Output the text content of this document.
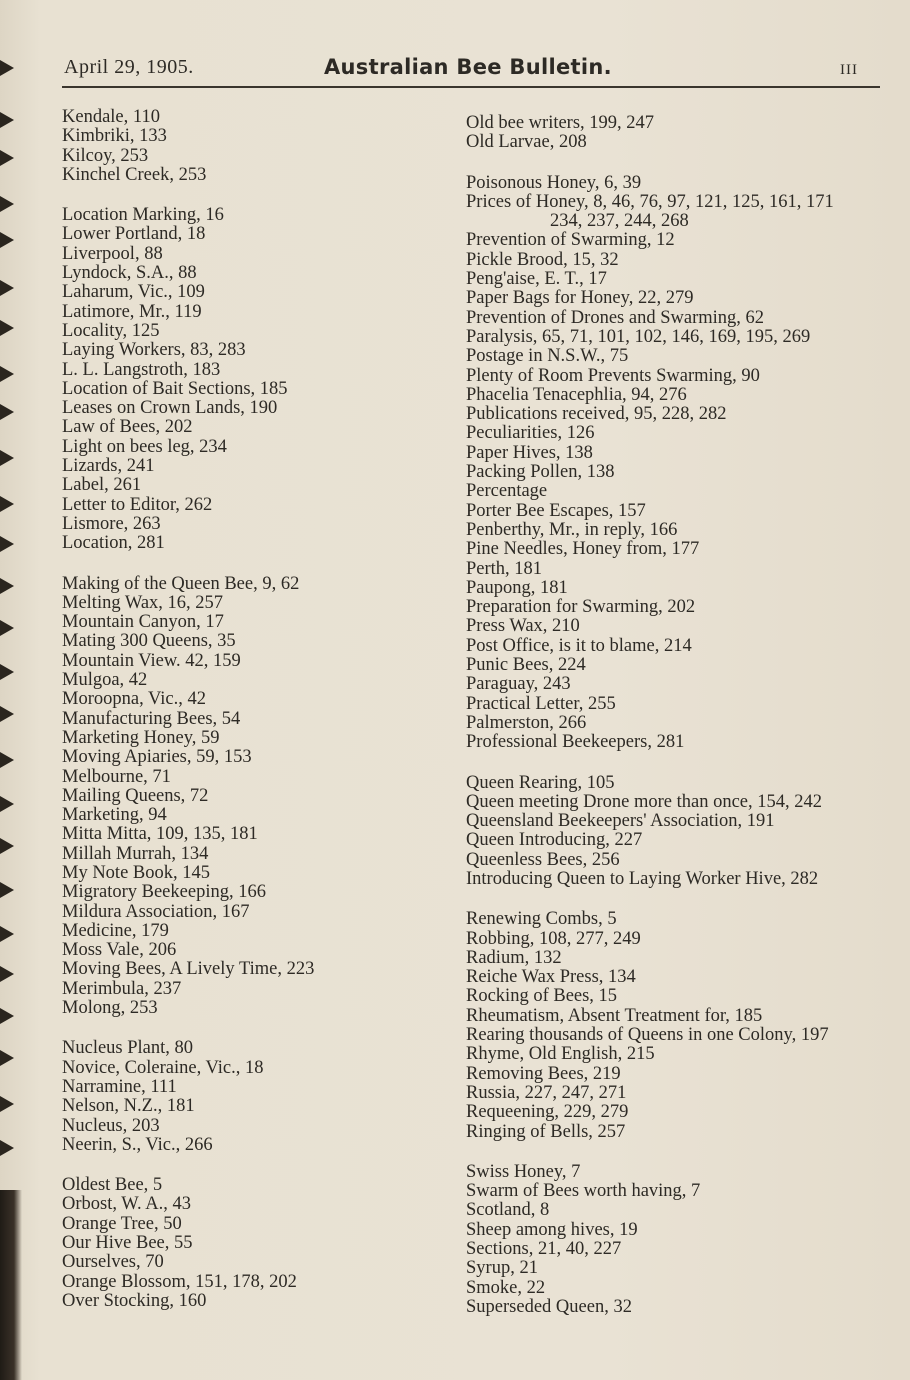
April 29, 1905.	Australian Bee Bulletin.	III
Kendale, 110
Kimbriki, 133
Kilcoy, 253
Kinchel Creek, 253
Location Marking, 16
Lower Portland, 18
Liverpool, 88
Lyndock, S.A., 88
Laharum, Vic., 109
Latimore, Mr., 119
Locality, 125
Laying Workers, 83, 283
L. L. Langstroth, 183
Location of Bait Sections, 185
Leases on Crown Lands, 190
Law of Bees, 202
Light on bees leg, 234
Lizards, 241
Label, 261
Letter to Editor, 262
Lismore, 263
Location, 281
Making of the Queen Bee, 9, 62
Melting Wax, 16, 257
Mountain Canyon, 17
Mating 300 Queens, 35
Mountain View. 42, 159
Mulgoa, 42
Moroopna, Vic., 42
Manufacturing Bees, 54
Marketing Honey, 59
Moving Apiaries, 59, 153
Melbourne, 71
Mailing Queens, 72
Marketing, 94
Mitta Mitta, 109, 135, 181
Millah Murrah, 134
My Note Book, 145
Migratory Beekeeping, 166
Mildura Association, 167
Medicine, 179
Moss Vale, 206
Moving Bees, A Lively Time, 223
Merimbula, 237
Molong, 253
Nucleus Plant, 80
Novice, Coleraine, Vic., 18
Narramine, 111
Nelson, N.Z., 181
Nucleus, 203
Neerin, S., Vic., 266
Oldest Bee, 5
Orbost, W. A., 43
Orange Tree, 50
Our Hive Bee, 55
Ourselves, 70
Orange Blossom, 151, 178, 202
Over Stocking, 160
Old bee writers, 199, 247
Old Larvae, 208
Poisonous Honey, 6, 39
Prices of Honey, 8, 46, 76, 97, 121, 125, 161, 171
234, 237, 244, 268
Prevention of Swarming, 12
Pickle Brood, 15, 32
Peng'aise, E. T., 17
Paper Bags for Honey, 22, 279
Prevention of Drones and Swarming, 62
Paralysis, 65, 71, 101, 102, 146, 169, 195, 269
Postage in N.S.W., 75
Plenty of Room Prevents Swarming, 90
Phacelia Tenacephlia, 94, 276
Publications received, 95, 228, 282
Peculiarities, 126
Paper Hives, 138
Packing Pollen, 138
Percentage
Porter Bee Escapes, 157
Penberthy, Mr., in reply, 166
Pine Needles, Honey from, 177
Perth, 181
Paupong, 181
Preparation for Swarming, 202
Press Wax, 210
Post Office, is it to blame, 214
Punic Bees, 224
Paraguay, 243
Practical Letter, 255
Palmerston, 266
Professional Beekeepers, 281
Queen Rearing, 105
Queen meeting Drone more than once, 154, 242
Queensland Beekeepers' Association, 191
Queen Introducing, 227
Queenless Bees, 256
Introducing Queen to Laying Worker Hive, 282
Renewing Combs, 5
Robbing, 108, 277, 249
Radium, 132
Reiche Wax Press, 134
Rocking of Bees, 15
Rheumatism, Absent Treatment for, 185
Rearing thousands of Queens in one Colony, 197
Rhyme, Old English, 215
Removing Bees, 219
Russia, 227, 247, 271
Requeening, 229, 279
Ringing of Bells, 257
Swiss Honey, 7
Swarm of Bees worth having, 7
Scotland, 8
Sheep among hives, 19
Sections, 21, 40, 227
Syrup, 21
Smoke, 22
Superseded Queen, 32
